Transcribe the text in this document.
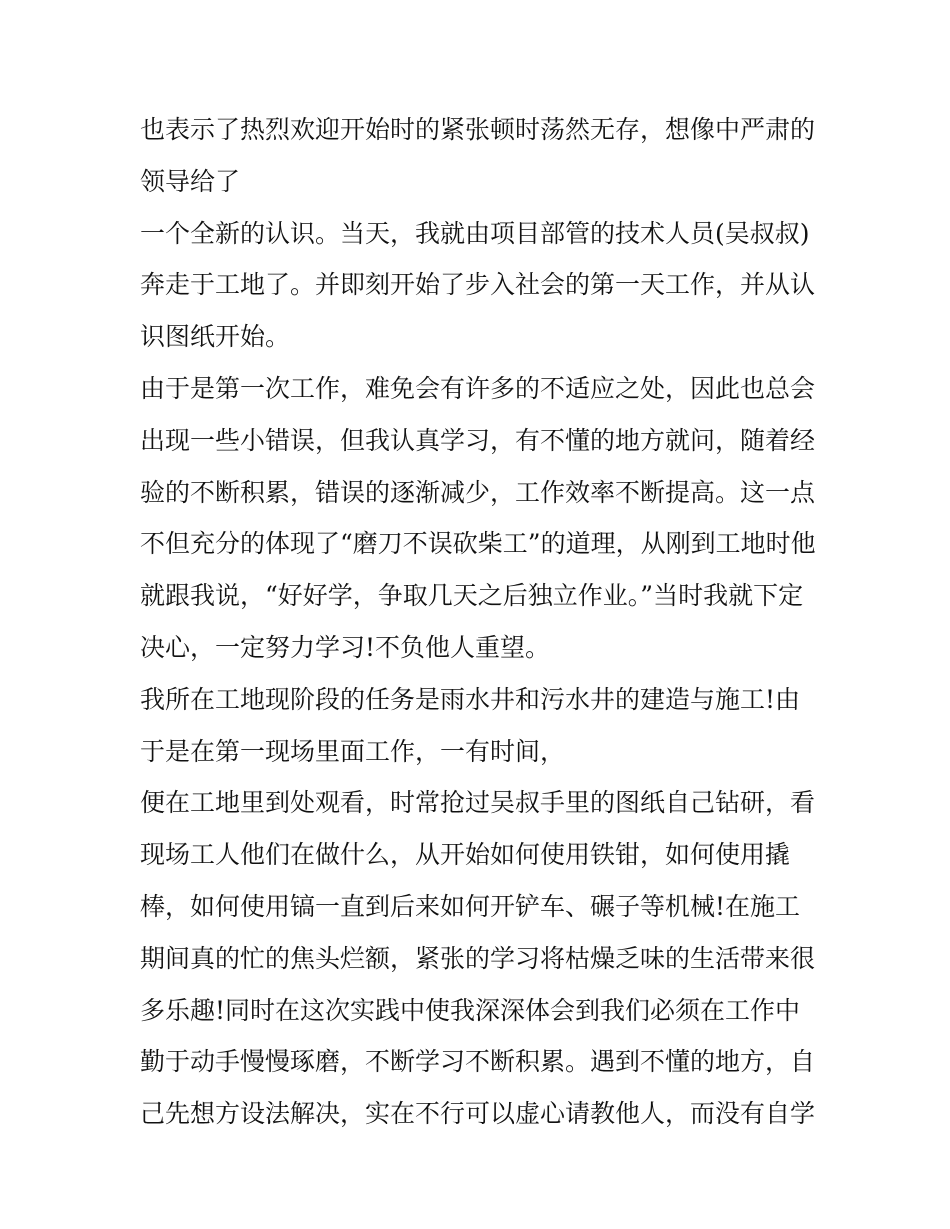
也表示了热烈欢迎开始时的紧张顿时荡然无存，想像中严肃的
领导给了
一个全新的认识。当天，我就由项目部管的技术人员(吴叔叔)
奔走于工地了。并即刻开始了步入社会的第一天工作，并从认
识图纸开始。
由于是第一次工作，难免会有许多的不适应之处，因此也总会
出现一些小错误，但我认真学习，有不懂的地方就问，随着经
验的不断积累，错误的逐渐减少，工作效率不断提高。这一点
不但充分的体现了“磨刀不误砍柴工”的道理，从刚到工地时他
就跟我说，“好好学，争取几天之后独立作业。”当时我就下定
决心，一定努力学习!不负他人重望。
我所在工地现阶段的任务是雨水井和污水井的建造与施工!由
于是在第一现场里面工作，一有时间，
便在工地里到处观看，时常抢过吴叔手里的图纸自己钻研，看
现场工人他们在做什么，从开始如何使用铁钳，如何使用撬
棒，如何使用镐一直到后来如何开铲车、碾子等机械!在施工
期间真的忙的焦头烂额，紧张的学习将枯燥乏味的生活带来很
多乐趣!同时在这次实践中使我深深体会到我们必须在工作中
勤于动手慢慢琢磨，不断学习不断积累。遇到不懂的地方，自
己先想方设法解决，实在不行可以虚心请教他人，而没有自学
